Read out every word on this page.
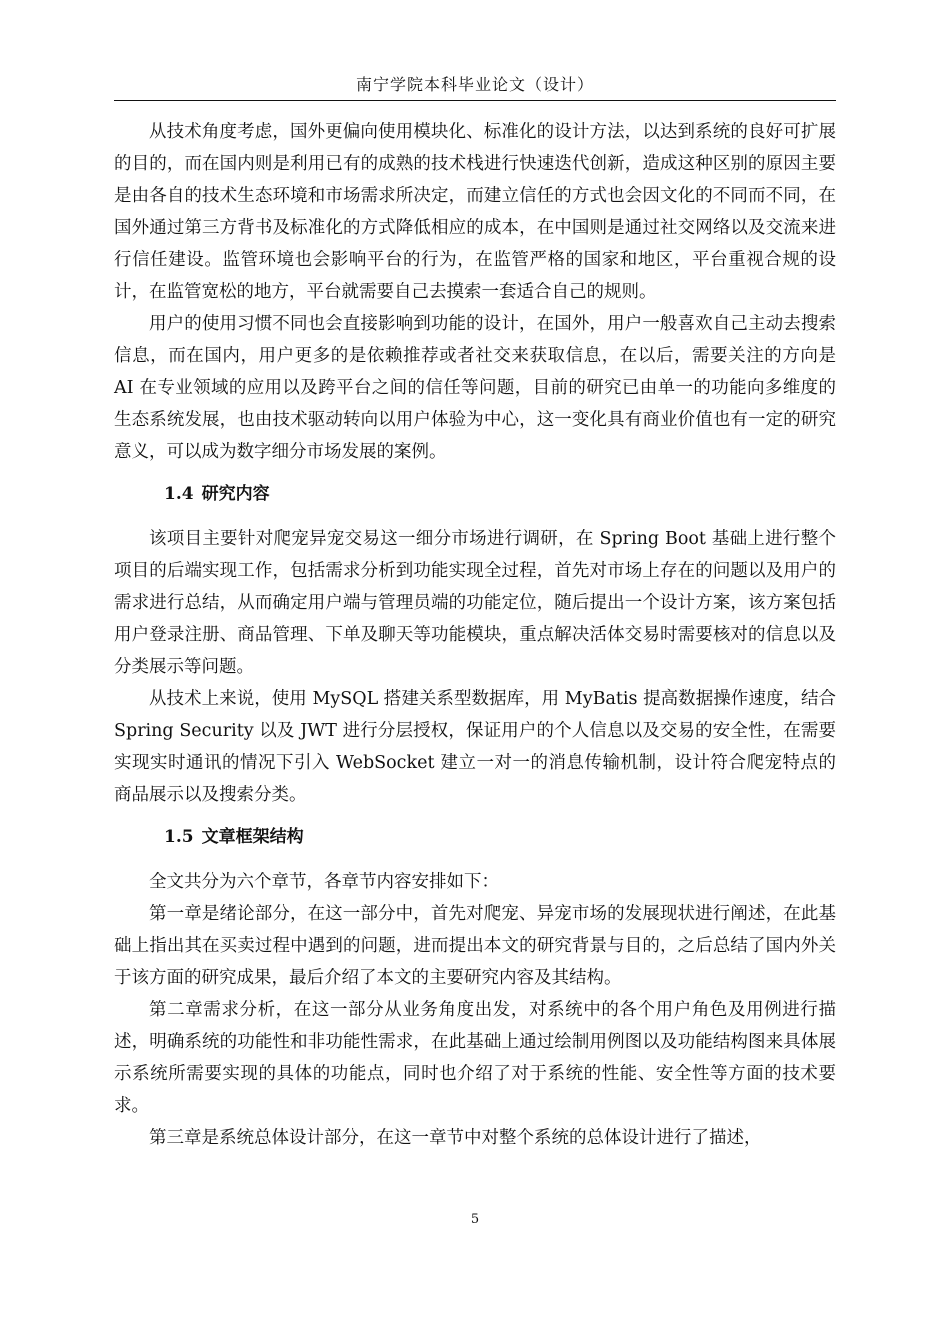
南宁学院本科毕业论文（设计）

从技术角度考虑，国外更偏向使用模块化、标准化的设计方法，以达到系统的良好可扩展的目的，而在国内则是利用已有的成熟的技术栈进行快速迭代创新，造成这种区别的原因主要是由各自的技术生态环境和市场需求所决定，而建立信任的方式也会因文化的不同而不同，在国外通过第三方背书及标准化的方式降低相应的成本，在中国则是通过社交网络以及交流来进行信任建设。监管环境也会影响平台的行为，在监管严格的国家和地区，平台重视合规的设计，在监管宽松的地方，平台就需要自己去摸索一套适合自己的规则。

用户的使用习惯不同也会直接影响到功能的设计，在国外，用户一般喜欢自己主动去搜索信息，而在国内，用户更多的是依赖推荐或者社交来获取信息，在以后，需要关注的方向是 AI 在专业领域的应用以及跨平台之间的信任等问题，目前的研究已由单一的功能向多维度的生态系统发展，也由技术驱动转向以用户体验为中心，这一变化具有商业价值也有一定的研究意义，可以成为数字细分市场发展的案例。

1.4 研究内容

该项目主要针对爬宠异宠交易这一细分市场进行调研，在 Spring Boot 基础上进行整个项目的后端实现工作，包括需求分析到功能实现全过程，首先对市场上存在的问题以及用户的需求进行总结，从而确定用户端与管理员端的功能定位，随后提出一个设计方案，该方案包括用户登录注册、商品管理、下单及聊天等功能模块，重点解决活体交易时需要核对的信息以及分类展示等问题。

从技术上来说，使用 MySQL 搭建关系型数据库，用 MyBatis 提高数据操作速度，结合 Spring Security 以及 JWT 进行分层授权，保证用户的个人信息以及交易的安全性，在需要实现实时通讯的情况下引入 WebSocket 建立一对一的消息传输机制，设计符合爬宠特点的商品展示以及搜索分类。

1.5 文章框架结构

全文共分为六个章节，各章节内容安排如下：

第一章是绪论部分，在这一部分中，首先对爬宠、异宠市场的发展现状进行阐述，在此基础上指出其在买卖过程中遇到的问题，进而提出本文的研究背景与目的，之后总结了国内外关于该方面的研究成果，最后介绍了本文的主要研究内容及其结构。

第二章需求分析，在这一部分从业务角度出发，对系统中的各个用户角色及用例进行描述，明确系统的功能性和非功能性需求，在此基础上通过绘制用例图以及功能结构图来具体展示系统所需要实现的具体的功能点，同时也介绍了对于系统的性能、安全性等方面的技术要求。

第三章是系统总体设计部分，在这一章节中对整个系统的总体设计进行了描述，

5
